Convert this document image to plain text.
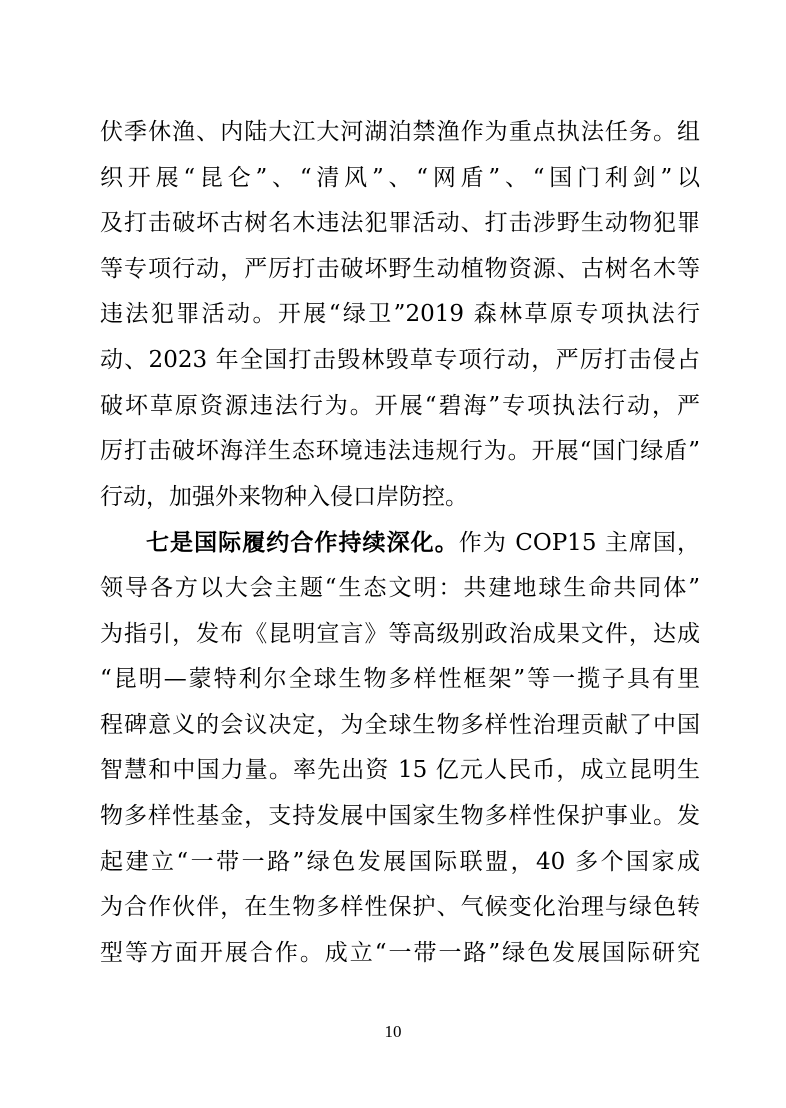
伏季休渔、内陆大江大河湖泊禁渔作为重点执法任务。组
织开展“昆仑”、“清风”、“网盾”、“国门利剑”以
及打击破坏古树名木违法犯罪活动、打击涉野生动物犯罪
等专项行动，严厉打击破坏野生动植物资源、古树名木等
违法犯罪活动。开展“绿卫”2019 森林草原专项执法行
动、2023 年全国打击毁林毁草专项行动，严厉打击侵占
破坏草原资源违法行为。开展“碧海”专项执法行动，严
厉打击破坏海洋生态环境违法违规行为。开展“国门绿盾”
行动，加强外来物种入侵口岸防控。
七是国际履约合作持续深化。作为 COP15 主席国，
领导各方以大会主题“生态文明：共建地球生命共同体”
为指引，发布《昆明宣言》等高级别政治成果文件，达成
“昆明—蒙特利尔全球生物多样性框架”等一揽子具有里
程碑意义的会议决定，为全球生物多样性治理贡献了中国
智慧和中国力量。率先出资 15 亿元人民币，成立昆明生
物多样性基金，支持发展中国家生物多样性保护事业。发
起建立“一带一路”绿色发展国际联盟，40 多个国家成
为合作伙伴，在生物多样性保护、气候变化治理与绿色转
型等方面开展合作。成立“一带一路”绿色发展国际研究
10
